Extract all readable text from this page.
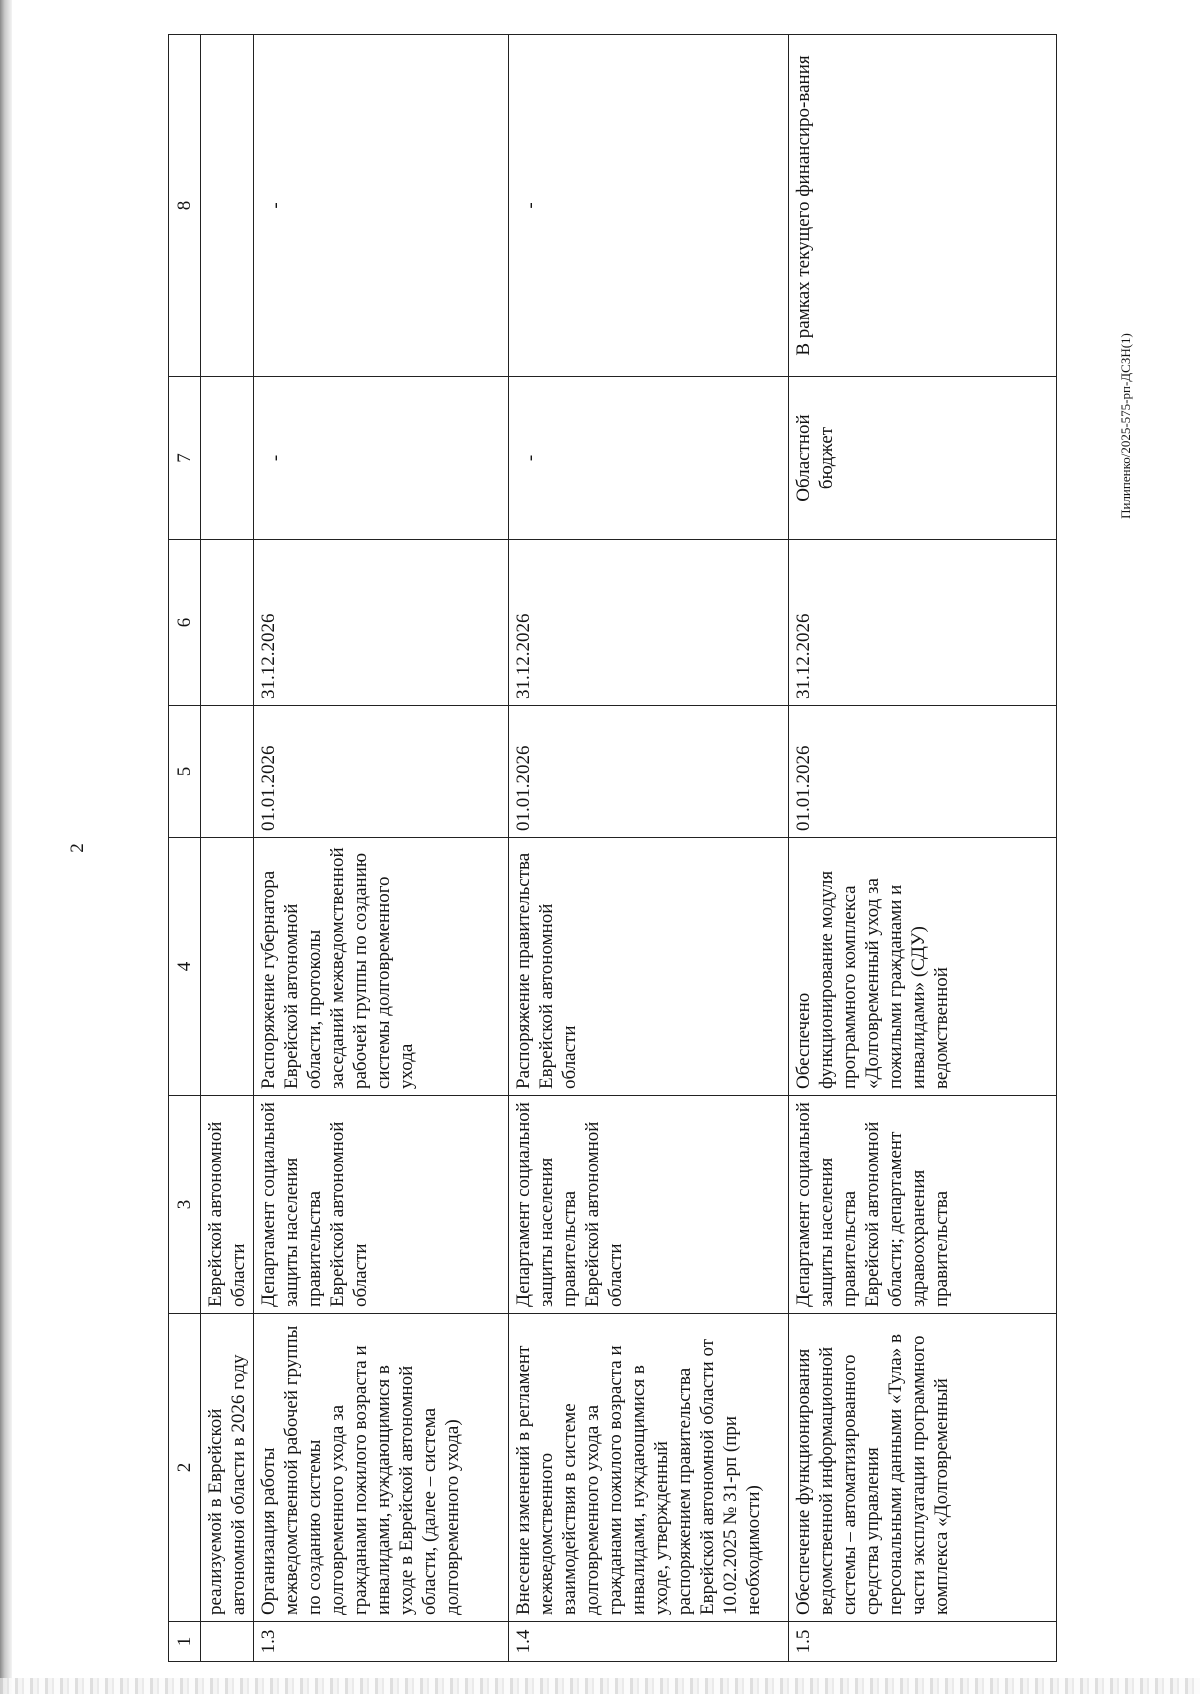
2
Пилипенко/2025-575-рп-ДСЗН(1)
1	2	3	4	5	6	7	8
	реализуемой в Еврейской автономной области в 2026 году	Еврейской автономной области					
1.3	Организация работы межведомственной рабочей группы по созданию системы долговременного ухода за гражданами пожилого возраста и инвалидами, нуждающимися в уходе в Еврейской автономной области, (далее – система долговременного ухода)	Департамент социальной защиты населения правительства Еврейской автономной области	Распоряжение губернатора Еврейской автономной области, протоколы заседаний межведомственной рабочей группы по созданию системы долговременного ухода	01.01.2026	31.12.2026	-	-
1.4	Внесение изменений в регламент межведомственного взаимодействия в системе долговременного ухода за гражданами пожилого возраста и инвалидами, нуждающимися в уходе, утвержденный распоряжением правительства Еврейской автономной области от 10.02.2025 № 31-рп (при необходимости)	Департамент социальной защиты населения правительства Еврейской автономной области	Распоряжение правительства Еврейской автономной области	01.01.2026	31.12.2026	-	-
1.5	Обеспечение функционирования ведомственной информационной системы – автоматизированного средства управления персональными данными «Тула» в части эксплуатации программного комплекса «Долговременный	Департамент социальной защиты населения правительства Еврейской автономной области; департамент здравоохранения правительства	Обеспечено функционирование модуля программного комплекса «Долговременный уход за пожилыми гражданами и инвалидами» (СДУ) ведомственной	01.01.2026	31.12.2026	Областной бюджет	В рамках текущего финансиро-вания
